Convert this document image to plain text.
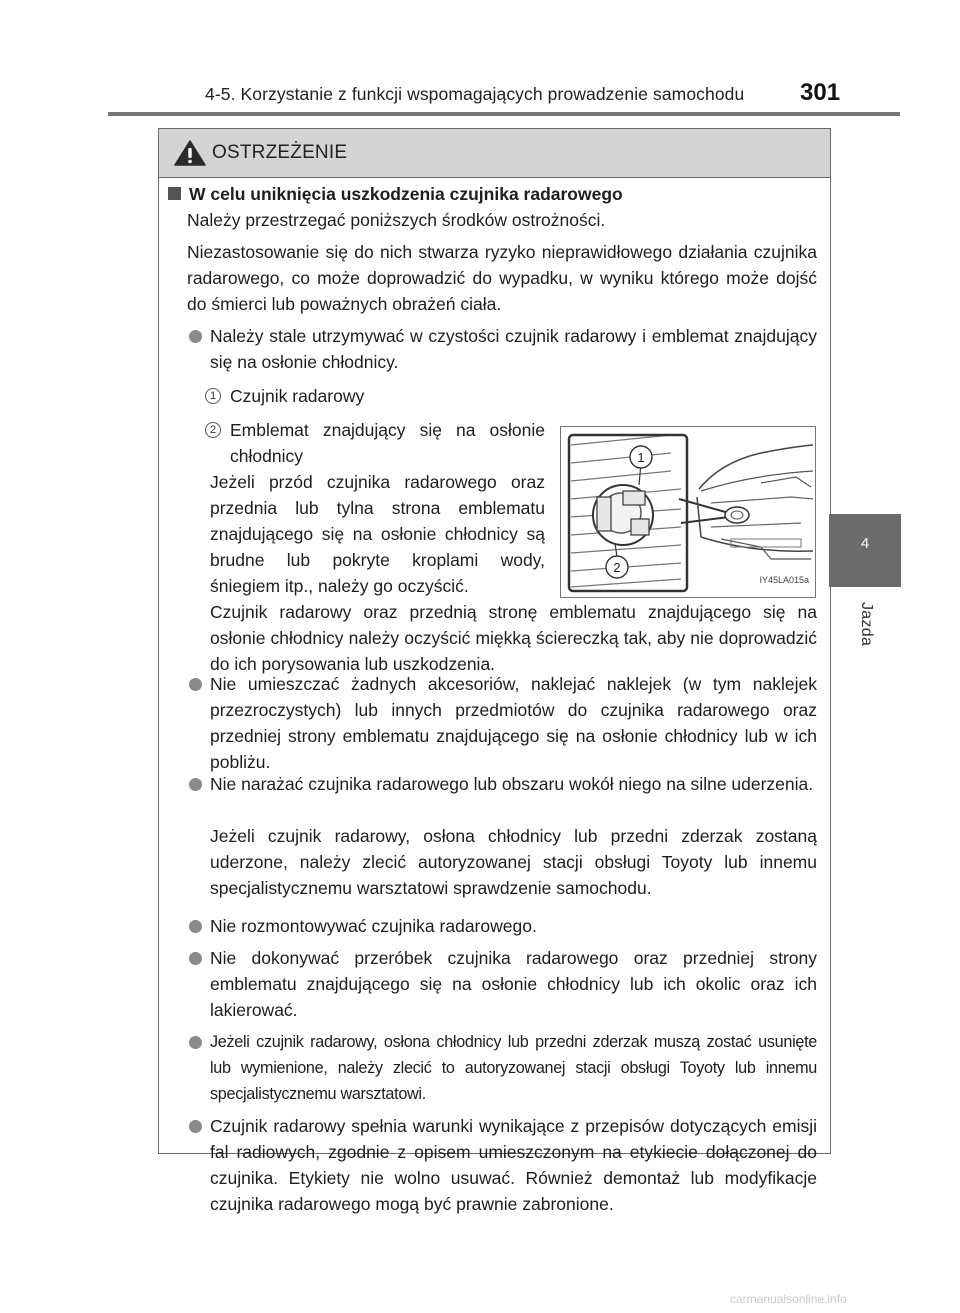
4-5. Korzystanie z funkcji wspomagających prowadzenie samochodu	301
4
Jazda
OSTRZEŻENIE
W celu uniknięcia uszkodzenia czujnika radarowego

Należy przestrzegać poniższych środków ostrożności.

Niezastosowanie się do nich stwarza ryzyko nieprawidłowego działania czujnika radarowego, co może doprowadzić do wypadku, w wyniku którego może dojść do śmierci lub poważnych obrażeń ciała.

Należy stale utrzymywać w czystości czujnik radarowy i emblemat znajdujący się na osłonie chłodnicy.

1 Czujnik radarowy

2 Emblemat znajdujący się na osłonie chłodnicy

Jeżeli przód czujnika radarowego oraz przednia lub tylna strona emblematu znajdującego się na osłonie chłodnicy są brudne lub pokryte kroplami wody, śniegiem itp., należy go oczyścić.

Czujnik radarowy oraz przednią stronę emblematu znajdującego się na osłonie chłodnicy należy oczyścić miękką ściereczką tak, aby nie doprowadzić do ich porysowania lub uszkodzenia.

Nie umieszczać żadnych akcesoriów, naklejać naklejek (w tym naklejek przezroczystych) lub innych przedmiotów do czujnika radarowego oraz przedniej strony emblematu znajdującego się na osłonie chłodnicy lub w ich pobliżu.

Nie narażać czujnika radarowego lub obszaru wokół niego na silne uderzenia.

Jeżeli czujnik radarowy, osłona chłodnicy lub przedni zderzak zostaną uderzone, należy zlecić autoryzowanej stacji obsługi Toyoty lub innemu specjalistycznemu warsztatowi sprawdzenie samochodu.

Nie rozmontowywać czujnika radarowego.

Nie dokonywać przeróbek czujnika radarowego oraz przedniej strony emblematu znajdującego się na osłonie chłodnicy lub ich okolic oraz ich lakierować.

Jeżeli czujnik radarowy, osłona chłodnicy lub przedni zderzak muszą zostać usunięte lub wymienione, należy zlecić to autoryzowanej stacji obsługi Toyoty lub innemu specjalistycznemu warsztatowi.

Czujnik radarowy spełnia warunki wynikające z przepisów dotyczących emisji fal radiowych, zgodnie z opisem umieszczonym na etykiecie dołączonej do czujnika. Etykiety nie wolno usuwać. Również demontaż lub modyfikacje czujnika radarowego mogą być prawnie zabronione.

1
2
IY45LA015a
carmanualsonline.info
